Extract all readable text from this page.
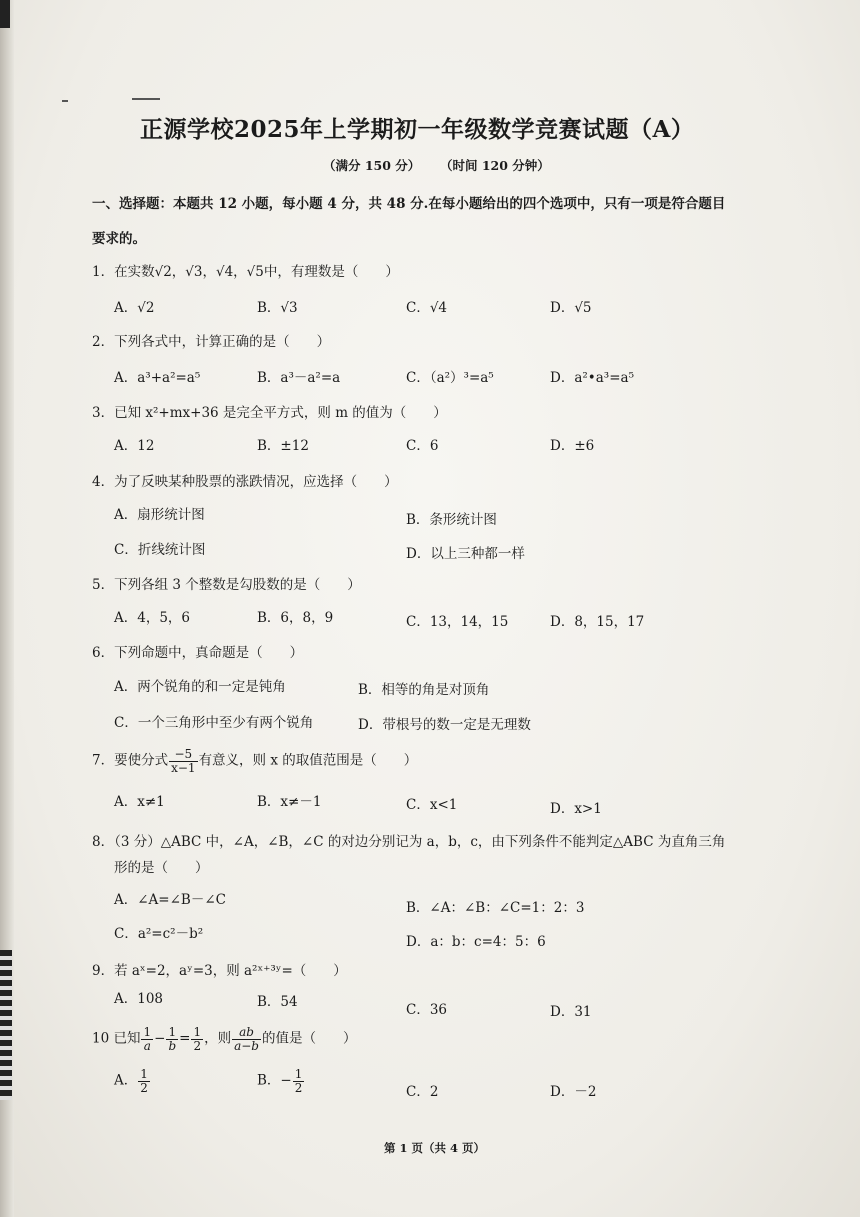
正源学校2025年上学期初一年级数学竞赛试题（A）
（满分 150 分） （时间 120 分钟）
一、选择题：本题共 12 小题，每小题 4 分，共 48 分.在每小题给出的四个选项中，只有一项是符合题目
要求的。
1．在实数√2，√3，√4，√5中，有理数是（　　）
A．√2	B．√3	C．√4	D．√5
2．下列各式中，计算正确的是（　　）
A．a³+a²=a⁵	B．a³－a²=a	C．（a²）³=a⁵	D．a²•a³=a⁵
3．已知 x²+mx+36 是完全平方式，则 m 的值为（　　）
A．12	B．±12	C．6	D．±6
4．为了反映某种股票的涨跌情况，应选择（　　）
A．扇形统计图	B．条形统计图
C．折线统计图	D．以上三种都一样
5．下列各组 3 个整数是勾股数的是（　　）
A．4，5，6	B．6，8，9	C．13，14，15	D．8，15，17
6．下列命题中，真命题是（　　）
A．两个锐角的和一定是钝角	B．相等的角是对顶角
C．一个三角形中至少有两个锐角	D．带根号的数一定是无理数
7．要使分式 $\frac{-5}{x-1}$ 有意义，则 x 的取值范围是（　　）
A．x≠1	B．x≠－1	C．x<1	D．x>1
8．（3 分）△ABC 中，∠A，∠B，∠C 的对边分别记为 a，b，c，由下列条件不能判定△ABC 为直角三角
形的是（　　）
A．∠A=∠B－∠C	B．∠A：∠B：∠C=1：2：3
C．a²=c²－b²	D．a：b：c=4：5：6
9．若 aˣ=2，aʸ=3，则 a²ˣ⁺³ʸ=（　　）
A．108	B．54	C．36	D．31
10 已知 $\frac{1}{a} - \frac{1}{b} = \frac{1}{2}$ ，则 $\frac{ab}{a-b}$ 的值是（　　）
A． $\frac{1}{2}$	B．− $\frac{1}{2}$	C．2	D．－2
第 1 页（共 4 页）
